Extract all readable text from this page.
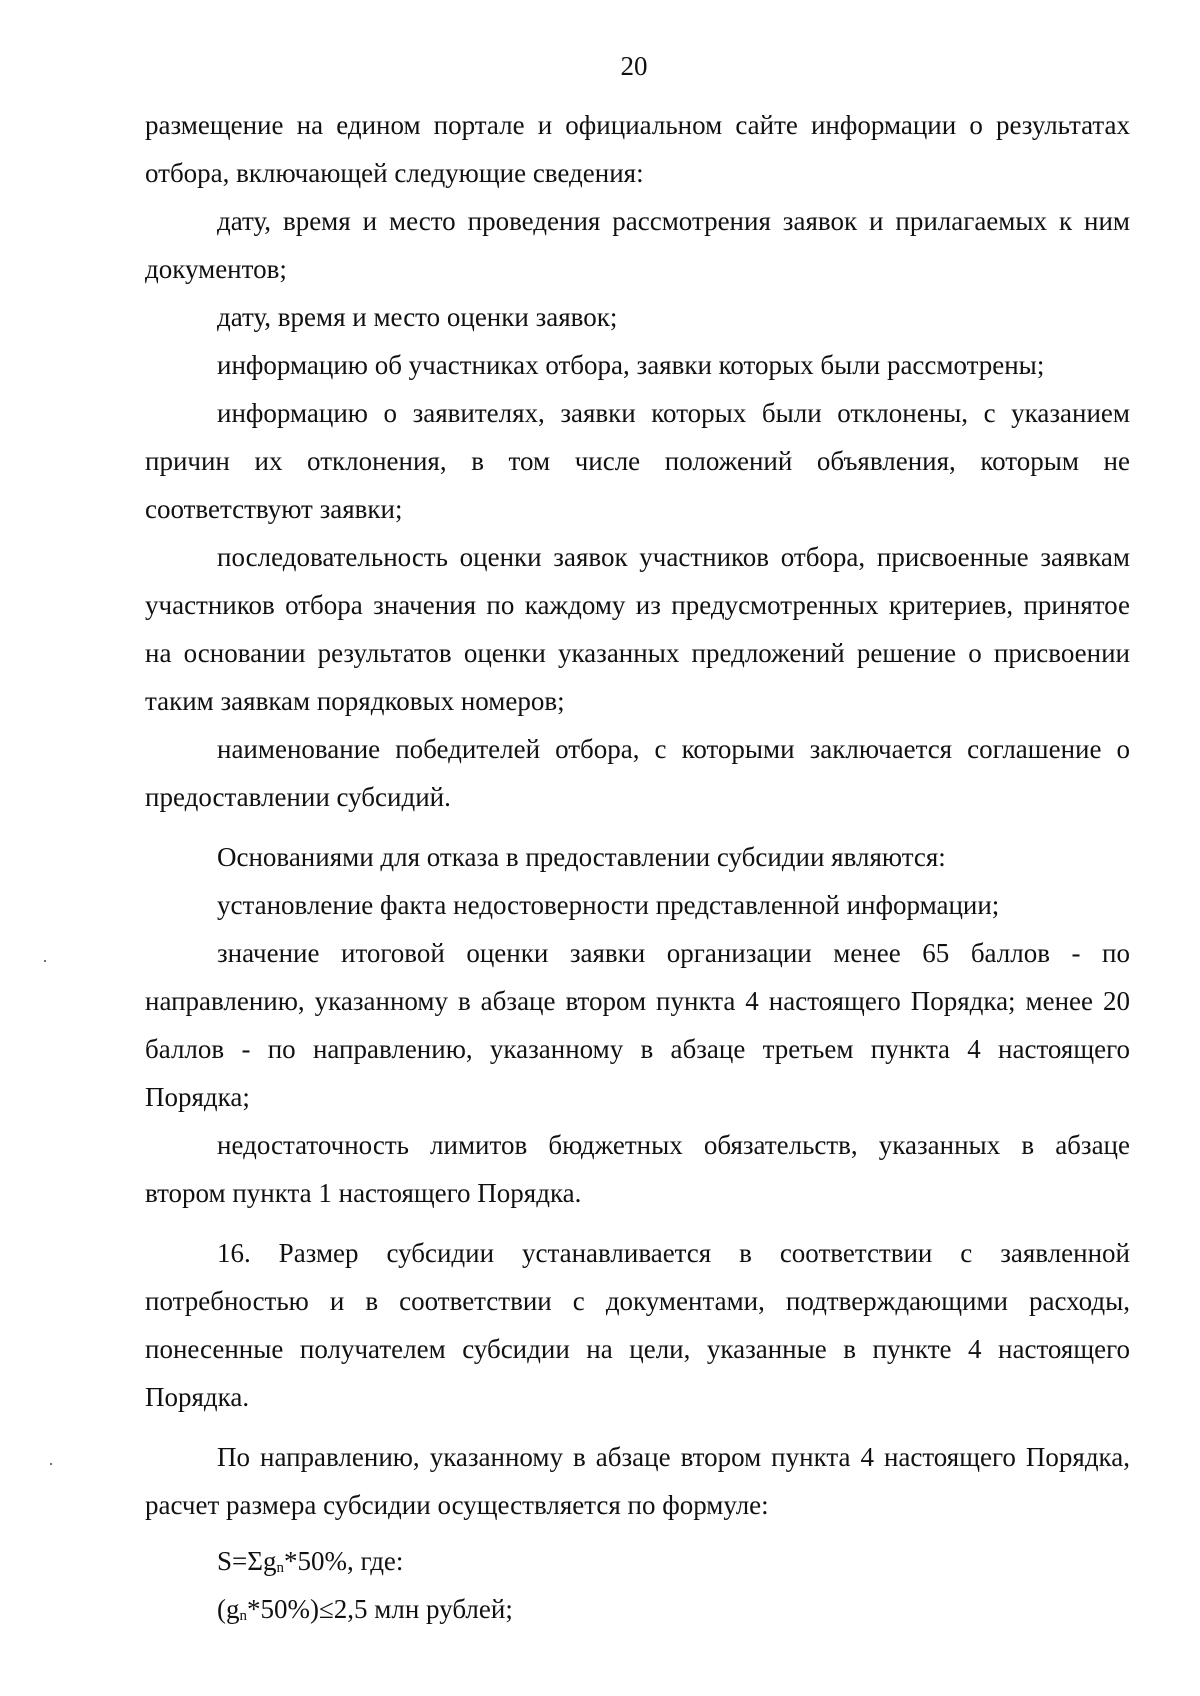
20

размещение на едином портале и официальном сайте информации о результатах отбора, включающей следующие сведения:

дату, время и место проведения рассмотрения заявок и прилагаемых к ним документов;

дату, время и место оценки заявок;

информацию об участниках отбора, заявки которых были рассмотрены;

информацию о заявителях, заявки которых были отклонены, с указанием причин их отклонения, в том числе положений объявления, которым не соответствуют заявки;

последовательность оценки заявок участников отбора, присвоенные заявкам участников отбора значения по каждому из предусмотренных критериев, принятое на основании результатов оценки указанных предложений решение о присвоении таким заявкам порядковых номеров;

наименование победителей отбора, с которыми заключается соглашение о предоставлении субсидий.

Основаниями для отказа в предоставлении субсидии являются:

установление факта недостоверности представленной информации;

значение итоговой оценки заявки организации менее 65 баллов - по направлению, указанному в абзаце втором пункта 4 настоящего Порядка; менее 20 баллов - по направлению, указанному в абзаце третьем пункта 4 настоящего Порядка;

недостаточность лимитов бюджетных обязательств, указанных в абзаце втором пункта 1 настоящего Порядка.

16. Размер субсидии устанавливается в соответствии с заявленной потребностью и в соответствии с документами, подтверждающими расходы, понесенные получателем субсидии на цели, указанные в пункте 4 настоящего Порядка.

По направлению, указанному в абзаце втором пункта 4 настоящего Порядка, расчет размера субсидии осуществляется по формуле:

$S=\Sigma g_n*50\%$, где:

$(g_n*50\%)\le 2,5$ млн рублей;
